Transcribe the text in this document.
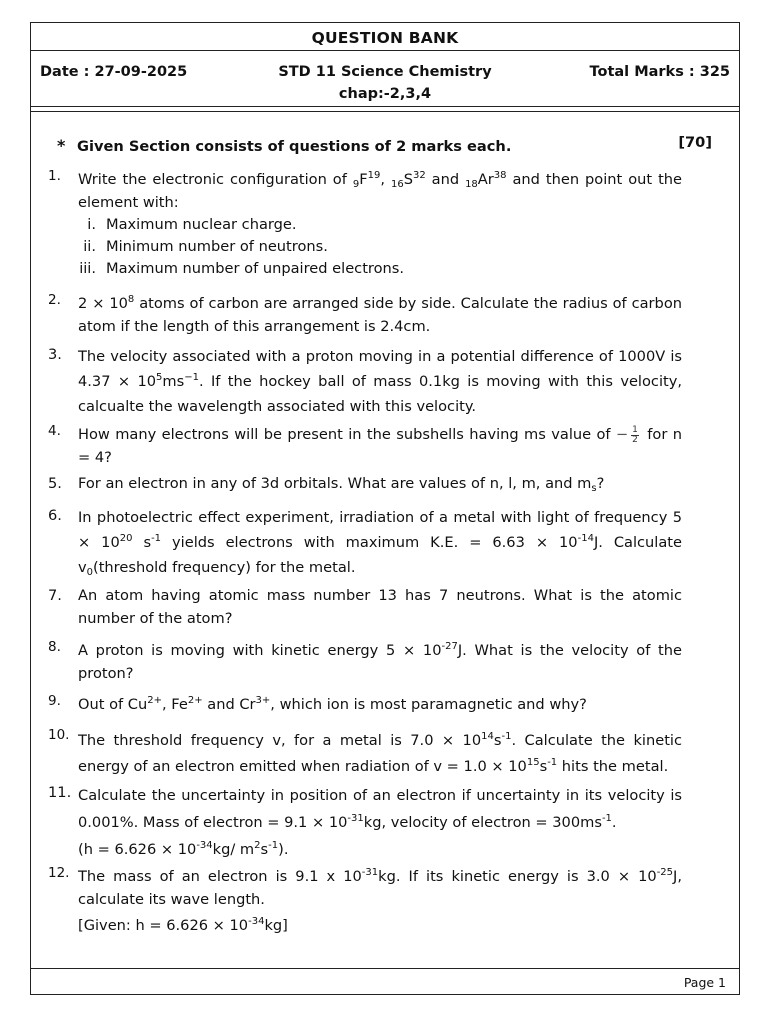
QUESTION BANK
Date : 27-09-2025	STD 11 Science Chemistry	Total Marks : 325
chap:-2,3,4
* Given Section consists of questions of 2 marks each.	[70]
1.	Write the electronic configuration of $_9F^{19}$, $_{16}S^{32}$ and $_{18}Ar^{38}$ and then point out the element with:
i. Maximum nuclear charge.
ii. Minimum number of neutrons.
iii. Maximum number of unpaired electrons.
2.	$2 \times 10^8$ atoms of carbon are arranged side by side. Calculate the radius of carbon atom if the length of this arrangement is 2.4cm.
3.	The velocity associated with a proton moving in a potential difference of 1000V is $4.37 \times 10^5ms^{-1}$. If the hockey ball of mass 0.1kg is moving with this velocity, calcualte the wavelength associated with this velocity.
4.	How many electrons will be present in the subshells having ms value of − $\frac{1}{2}$ for n = 4?
5.	For an electron in any of 3d orbitals. What are values of n, l, m, and $m_s$?
6.	In photoelectric effect experiment, irradiation of a metal with light of frequency $5 \times 10^{20}$ $s^{-1}$ yields electrons with maximum K.E. = $6.63 \times 10^{-14}J$. Calculate $v_0(threshold$ frequency) for the metal.
7.	An atom having atomic mass number 13 has 7 neutrons. What is the atomic number of the atom?
8.	A proton is moving with kinetic energy $5 \times 10^{-27}J$. What is the velocity of the proton?
9.	Out of $Cu^{2+}$, $Fe^{2+}$ and $Cr^{3+}$, which ion is most paramagnetic and why?
10. The threshold frequency v, for a metal is $7.0 \times 10^{14}s^{-1}$. Calculate the kinetic energy of an electron emitted when radiation of $v = 1.0 \times 10^{15}s^{-1}$ hits the metal.
11. Calculate the uncertainty in position of an electron if uncertainty in its velocity is 0.001%. Mass of electron = $9.1 \times 10^{-31}kg$, velocity of electron = $300ms^{-1}$.
($h = 6.626 \times 10^{-34}kg/$ $m^2s^{-1}$).
12. The mass of an electron is 9.1 x $10^{-31}kg$. If its kinetic energy is $3.0 \times 10^{-25}J$, calculate its wave length.
[Given: $h = 6.626 \times 10^{-34}kg$]
Page 1
